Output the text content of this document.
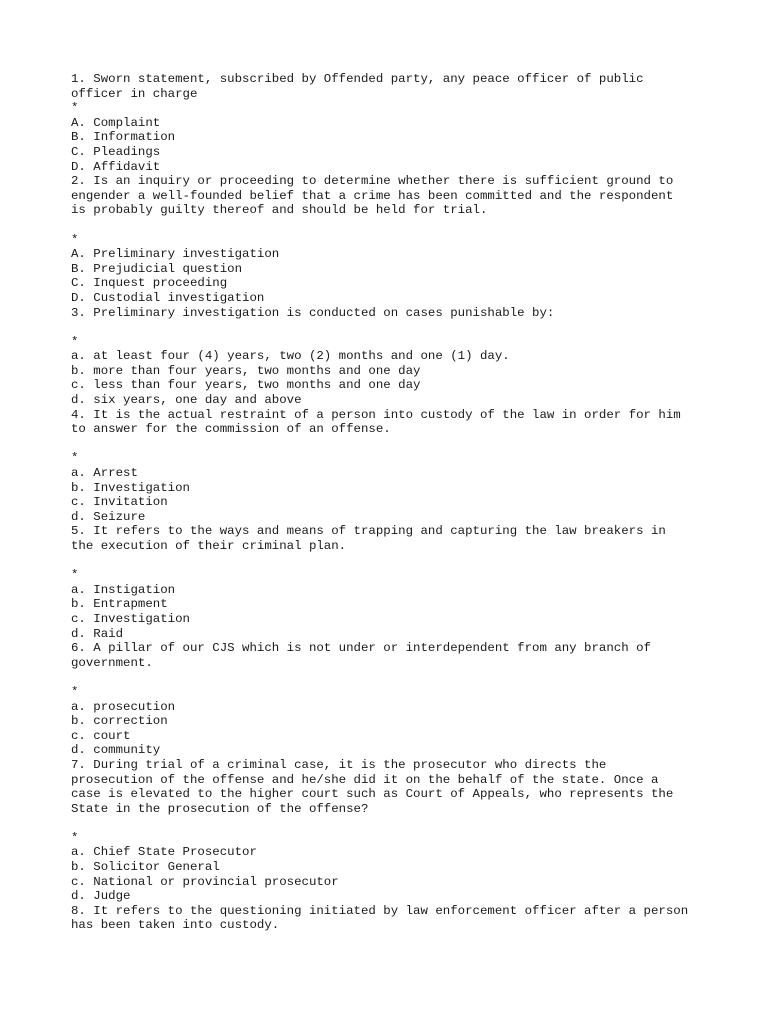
1. Sworn statement, subscribed by Offended party, any peace officer of public
officer in charge
*
A. Complaint
B. Information
C. Pleadings
D. Affidavit
2. Is an inquiry or proceeding to determine whether there is sufficient ground to
engender a well-founded belief that a crime has been committed and the respondent
is probably guilty thereof and should be held for trial.
*
A. Preliminary investigation
B. Prejudicial question
C. Inquest proceeding
D. Custodial investigation
3. Preliminary investigation is conducted on cases punishable by:
*
a. at least four (4) years, two (2) months and one (1) day.
b. more than four years, two months and one day
c. less than four years, two months and one day
d. six years, one day and above
4. It is the actual restraint of a person into custody of the law in order for him
to answer for the commission of an offense.
*
a. Arrest
b. Investigation
c. Invitation
d. Seizure
5. It refers to the ways and means of trapping and capturing the law breakers in
the execution of their criminal plan.
*
a. Instigation
b. Entrapment
c. Investigation
d. Raid
6. A pillar of our CJS which is not under or interdependent from any branch of
government.
*
a. prosecution
b. correction
c. court
d. community
7. During trial of a criminal case, it is the prosecutor who directs the
prosecution of the offense and he/she did it on the behalf of the state. Once a
case is elevated to the higher court such as Court of Appeals, who represents the
State in the prosecution of the offense?
*
a. Chief State Prosecutor
b. Solicitor General
c. National or provincial prosecutor
d. Judge
8. It refers to the questioning initiated by law enforcement officer after a person
has been taken into custody.
